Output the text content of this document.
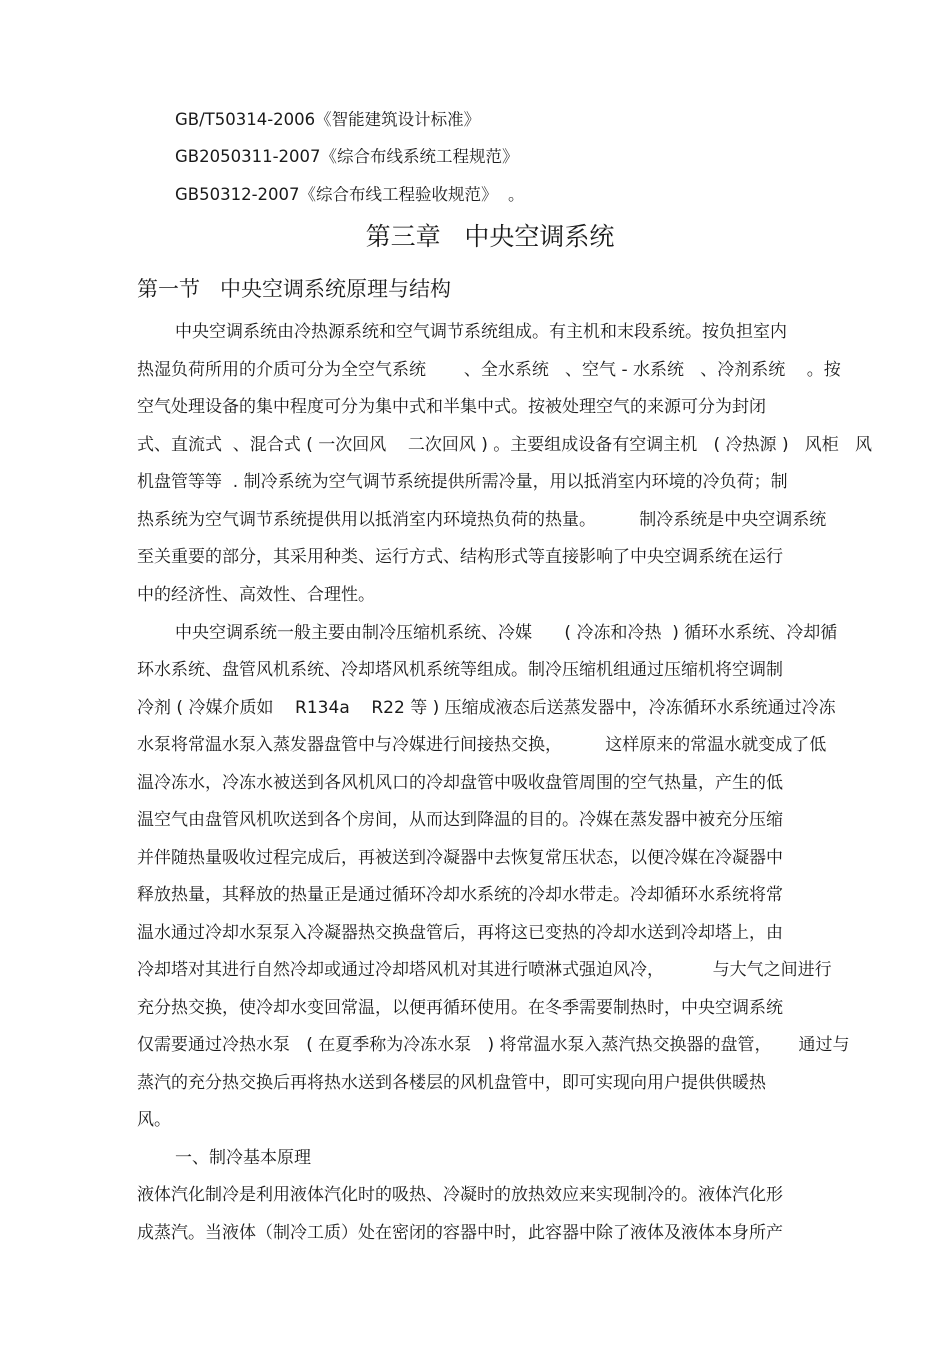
GB/T50314-2006《智能建筑设计标准》
GB2050311-2007《综合布线系统工程规范》
GB50312-2007《综合布线工程验收规范》  。
第三章   中央空调系统
第一节   中央空调系统原理与结构
中央空调系统由冷热源系统和空气调节系统组成。有主机和末段系统。按负担室内
热湿负荷所用的介质可分为全空气系统       、全水系统   、空气 - 水系统   、冷剂系统    。按
空气处理设备的集中程度可分为集中式和半集中式。按被处理空气的来源可分为封闭
式、直流式  、混合式 ( 一次回风    二次回风 ) 。主要组成设备有空调主机   ( 冷热源 )   风柜   风
机盘管等等  . 制冷系统为空气调节系统提供所需冷量，用以抵消室内环境的冷负荷；制
热系统为空气调节系统提供用以抵消室内环境热负荷的热量。        制冷系统是中央空调系统
至关重要的部分，其采用种类、运行方式、结构形式等直接影响了中央空调系统在运行
中的经济性、高效性、合理性。
中央空调系统一般主要由制冷压缩机系统、冷媒      ( 冷冻和冷热  ) 循环水系统、冷却循
环水系统、盘管风机系统、冷却塔风机系统等组成。制冷压缩机组通过压缩机将空调制
冷剂 ( 冷媒介质如    R134a    R22 等 ) 压缩成液态后送蒸发器中，冷冻循环水系统通过冷冻
水泵将常温水泵入蒸发器盘管中与冷媒进行间接热交换，        这样原来的常温水就变成了低
温冷冻水，冷冻水被送到各风机风口的冷却盘管中吸收盘管周围的空气热量，产生的低
温空气由盘管风机吹送到各个房间，从而达到降温的目的。冷媒在蒸发器中被充分压缩
并伴随热量吸收过程完成后，再被送到冷凝器中去恢复常压状态，以便冷媒在冷凝器中
释放热量，其释放的热量正是通过循环冷却水系统的冷却水带走。冷却循环水系统将常
温水通过冷却水泵泵入冷凝器热交换盘管后，再将这已变热的冷却水送到冷却塔上，由
冷却塔对其进行自然冷却或通过冷却塔风机对其进行喷淋式强迫风冷，         与大气之间进行
充分热交换，使冷却水变回常温，以便再循环使用。在冬季需要制热时，中央空调系统
仅需要通过冷热水泵   ( 在夏季称为冷冻水泵   ) 将常温水泵入蒸汽热交换器的盘管，     通过与
蒸汽的充分热交换后再将热水送到各楼层的风机盘管中，即可实现向用户提供供暖热
风。
一、制冷基本原理
液体汽化制冷是利用液体汽化时的吸热、冷凝时的放热效应来实现制冷的。液体汽化形
成蒸汽。当液体（制冷工质）处在密闭的容器中时，此容器中除了液体及液体本身所产
